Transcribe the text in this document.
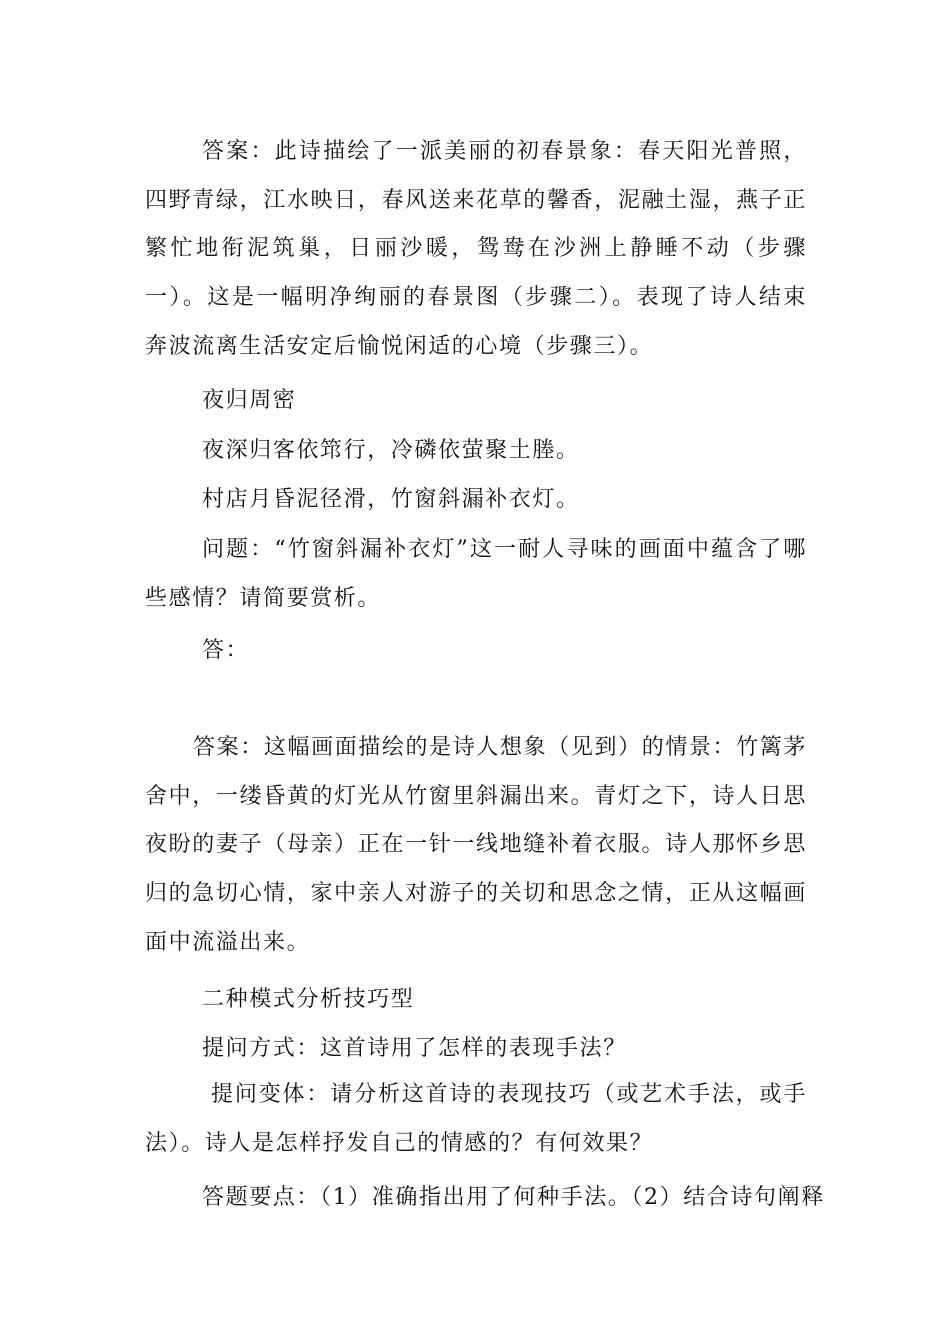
答案：此诗描绘了一派美丽的初春景象：春天阳光普照，四野青绿，江水映日，春风送来花草的馨香，泥融土湿，燕子正繁忙地衔泥筑巢，日丽沙暖，鸳鸯在沙洲上静睡不动（步骤一）。这是一幅明净绚丽的春景图（步骤二）。表现了诗人结束奔波流离生活安定后愉悦闲适的心境（步骤三）。

夜归周密

夜深归客依筇行，冷磷依萤聚土塍。

村店月昏泥径滑，竹窗斜漏补衣灯。

问题：“竹窗斜漏补衣灯”这一耐人寻味的画面中蕴含了哪些感情？请简要赏析。

答：

答案：这幅画面描绘的是诗人想象（见到）的情景：竹篱茅舍中，一缕昏黄的灯光从竹窗里斜漏出来。青灯之下，诗人日思夜盼的妻子（母亲）正在一针一线地缝补着衣服。诗人那怀乡思归的急切心情，家中亲人对游子的关切和思念之情，正从这幅画面中流溢出来。

二种模式分析技巧型

提问方式：这首诗用了怎样的表现手法？

提问变体：请分析这首诗的表现技巧（或艺术手法，或手法）。诗人是怎样抒发自己的情感的？有何效果？

答题要点：（1）准确指出用了何种手法。（2）结合诗句阐释
